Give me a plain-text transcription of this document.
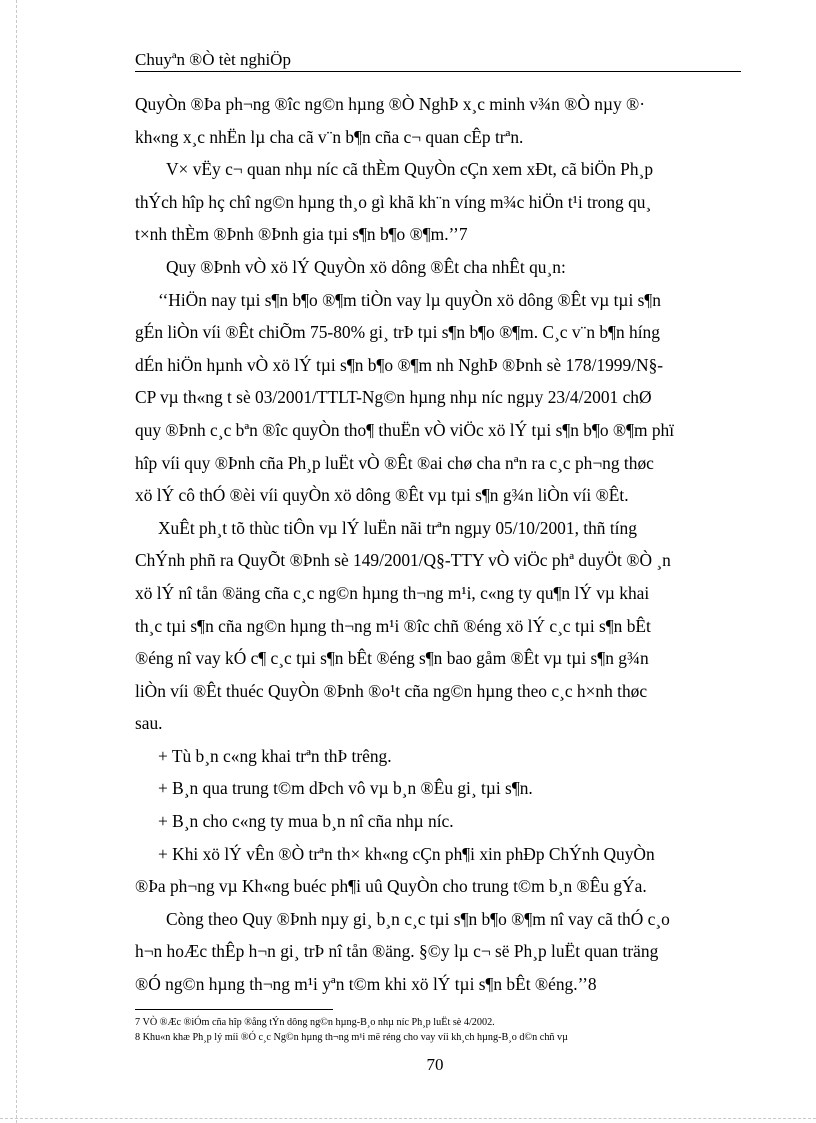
Chuyªn ®Ò tèt nghiÖp
QuyÒn ®Þa ph¬ng ®îc ng©n hµng ®Ò NghÞ x¸c minh v¾n ®Ò nµy ®·
kh«ng x¸c nhËn lµ cha cã v¨n b¶n cña c¬ quan cÊp trªn.
V× vËy c¬ quan nhµ níc cã thÈm QuyÒn cÇn xem xÐt, cã biÖn Ph¸p
thÝch hîp hç chî ng©n hµng th¸o gì khã kh¨n víng m¾c hiÖn t¹i trong qu¸
t×nh thÈm ®Þnh ®Þnh gia tµi s¶n b¶o ®¶m.’’7
Quy ®Þnh vÒ xö lÝ QuyÒn xö dông ®Êt cha nhÊt qu¸n:
‘‘HiÖn nay tµi s¶n b¶o ®¶m tiÒn vay lµ quyÒn xö dông ®Êt vµ tµi s¶n
gÉn liÒn víi ®Êt chiÕm 75-80% gi¸ trÞ tµi s¶n b¶o ®¶m. C¸c v¨n b¶n híng
dÉn hiÖn hµnh vÒ xö lÝ tµi s¶n b¶o ®¶m nh NghÞ ®Þnh sè 178/1999/N§-
CP vµ th«ng t sè 03/2001/TTLT-Ng©n hµng nhµ níc ngµy 23/4/2001 chØ
quy ®Þnh c¸c bªn ®îc quyÒn tho¶ thuËn vÒ viÖc xö lÝ tµi s¶n b¶o ®¶m phï
hîp víi quy ®Þnh cña Ph¸p luËt vÒ ®Êt ®ai chø cha nªn ra c¸c ph¬ng thøc
xö lÝ cô thÓ ®èi víi quyÒn xö dông ®Êt vµ tµi s¶n g¾n liÒn víi ®Êt.
XuÊt ph¸t tõ thùc tiÔn vµ lÝ luËn nãi trªn ngµy 05/10/2001, thñ tíng
ChÝnh phñ ra QuyÕt ®Þnh sè 149/2001/Q§-TTY vÒ viÖc phª duyÖt ®Ò ¸n
xö lÝ nî tån ®äng cña c¸c ng©n hµng th¬ng m¹i, c«ng ty qu¶n lÝ vµ khai
th¸c tµi s¶n cña ng©n hµng th¬ng m¹i ®îc chñ ®éng xö lÝ c¸c tµi s¶n bÊt
®éng nî vay kÓ c¶ c¸c tµi s¶n bÊt ®éng s¶n bao gåm ®Êt vµ tµi s¶n g¾n
liÒn víi ®Êt thuéc QuyÒn ®Þnh ®o¹t cña ng©n hµng theo c¸c h×nh thøc
sau.
+ Tù b¸n c«ng khai trªn thÞ trêng.
+ B¸n qua trung t©m dÞch vô vµ b¸n ®Êu gi¸ tµi s¶n.
+ B¸n cho c«ng ty mua b¸n nî cña nhµ níc.
+ Khi xö lÝ vÊn ®Ò trªn th× kh«ng cÇn ph¶i xin phÐp ChÝnh QuyÒn
®Þa ph¬ng vµ Kh«ng buéc ph¶i uû QuyÒn cho trung t©m b¸n ®Êu gÝa.
Còng theo Quy ®Þnh nµy gi¸ b¸n c¸c tµi s¶n b¶o ®¶m nî vay cã thÓ c¸o
h¬n hoÆc thÊp h¬n gi¸ trÞ nî tån ®äng. §©y lµ c¬ së Ph¸p luËt quan träng
®Ó ng©n hµng th¬ng m¹i yªn t©m khi xö lÝ tµi s¶n bÊt ®éng.’’8
7 VÒ ®Æc ®iÓm cña hîp ®ång tÝn dông ng©n hµng-B¸o nhµ níc Ph¸p luËt sè 4/2002.
8 Khu«n khæ Ph¸p lý míi ®Ó c¸c Ng©n hµng th¬ng m¹i më réng cho vay víi kh¸ch hµng-B¸o d©n chñ vµ
70
